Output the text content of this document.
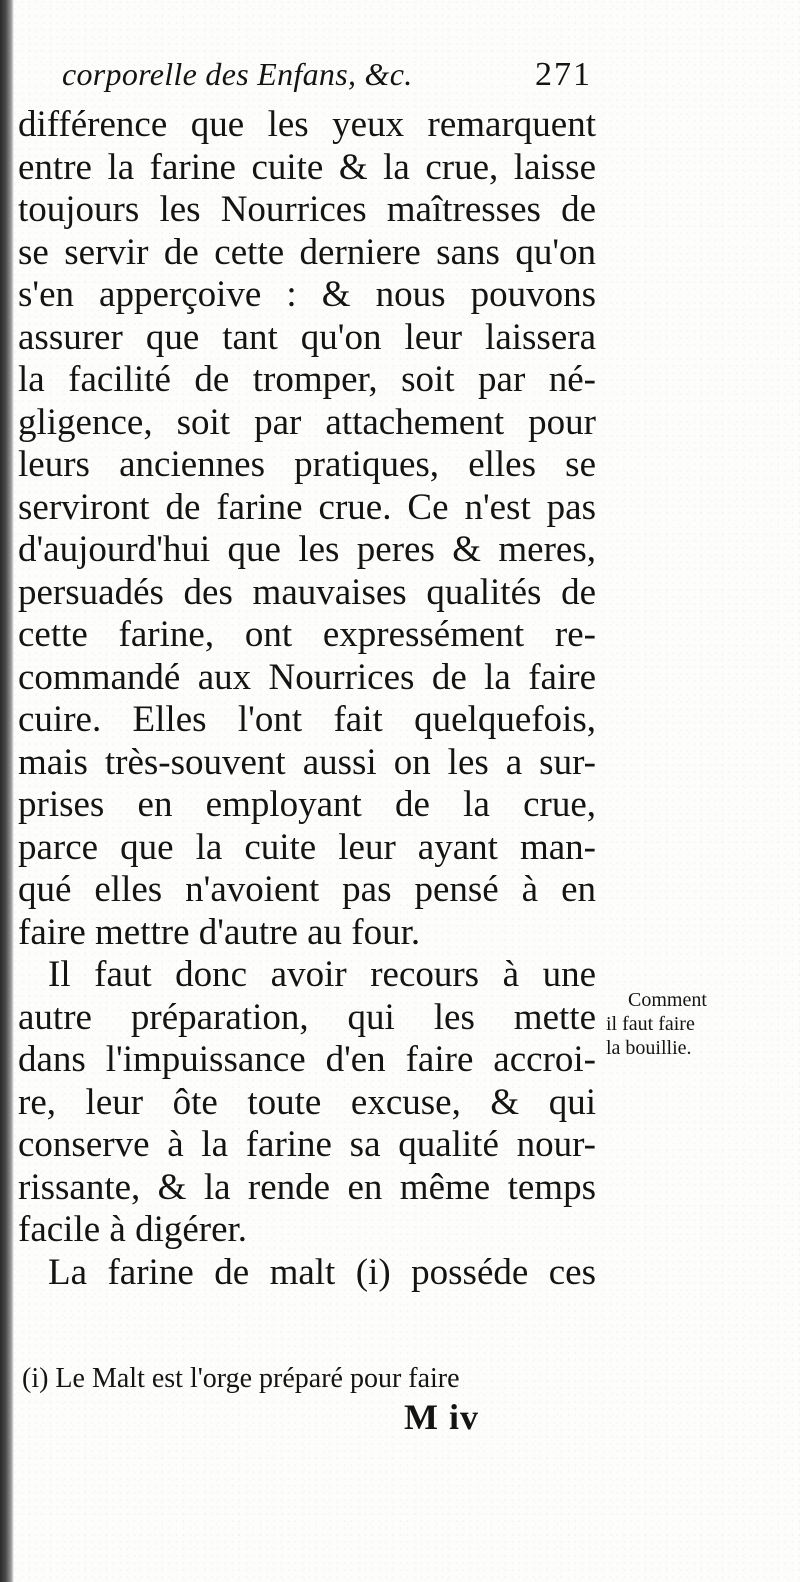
corporelle des Enfans, &c.	271
différence que les yeux remarquent
entre la farine cuite & la crue, laisse
toujours les Nourrices maîtresses de
se servir de cette derniere sans qu'on
s'en apperçoive : & nous pouvons
assurer que tant qu'on leur laissera
la facilité de tromper, soit par né-
gligence, soit par attachement pour
leurs anciennes pratiques, elles se
serviront de farine crue. Ce n'est pas
d'aujourd'hui que les peres & meres,
persuadés des mauvaises qualités de
cette farine, ont expressément re-
commandé aux Nourrices de la faire
cuire. Elles l'ont fait quelquefois,
mais très-souvent aussi on les a sur-
prises en employant de la crue,
parce que la cuite leur ayant man-
qué elles n'avoient pas pensé à en
faire mettre d'autre au four.
Il faut donc avoir recours à une
autre préparation, qui les mette
dans l'impuissance d'en faire accroi-
re, leur ôte toute excuse, & qui
conserve à la farine sa qualité nour-
rissante, & la rende en même temps
facile à digérer.
La farine de malt (i) posséde ces
Comment
il faut faire
la bouillie.
(i) Le Malt est l'orge préparé pour faire
M iv
